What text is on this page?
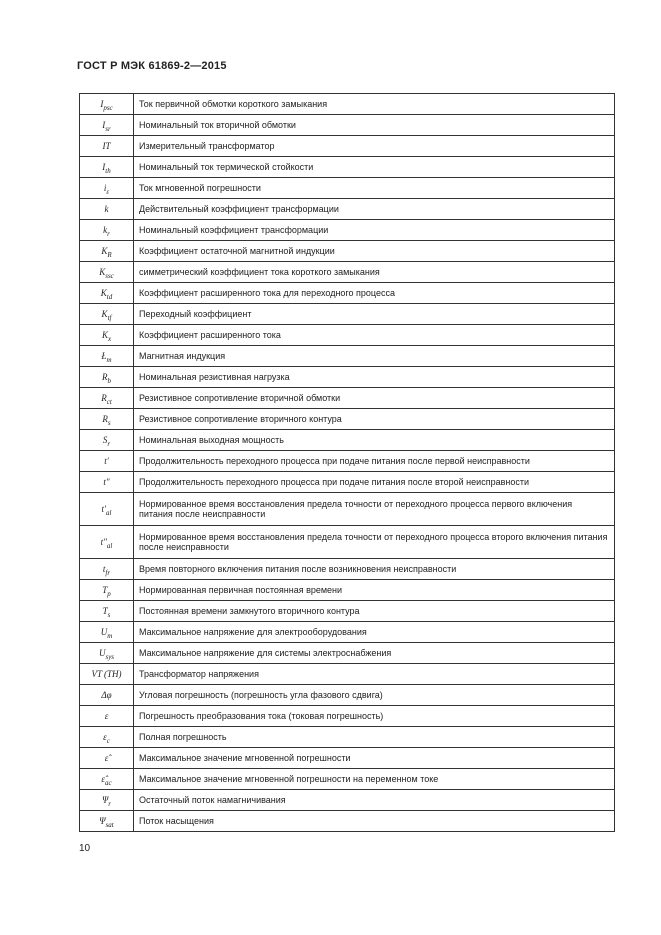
ГОСТ Р МЭК 61869-2—2015
$I_{psc}$	Ток первичной обмотки короткого замыкания
$I_{sr}$	Номинальный ток вторичной обмотки
IT	Измерительный трансформатор
$I_{th}$	Номинальный ток термической стойкости
$i_\varepsilon$	Ток мгновенной погрешности
k	Действительный коэффициент трансформации
$k_r$	Номинальный коэффициент трансформации
$K_R$	Коэффициент остаточной магнитной индукции
$K_{ssc}$	симметрический коэффициент тока короткого замыкания
$K_{td}$	Коэффициент расширенного тока для переходного процесса
$K_{tf}$	Переходный коэффициент
$K_x$	Коэффициент расширенного тока
$Ł_m$	Магнитная индукция
$R_b$	Номинальная резистивная нагрузка
$R_{ct}$	Резистивное сопротивление вторичной обмотки
$R_s$	Резистивное сопротивление вторичного контура
$S_r$	Номинальная выходная мощность
t′	Продолжительность переходного процесса при подаче питания после первой неисправности
t″	Продолжительность переходного процесса при подаче питания после второй неисправности
$t'_{al}$	Нормированное время восстановления предела точности от переходного процесса первого включения питания после неисправности
$t''_{al}$	Нормированное время восстановления предела точности от переходного процесса второго включения питания после неисправности
$t_{fr}$	Время повторного включения питания после возникновения неисправности
$T_p$	Нормированная первичная постоянная времени
$T_s$	Постоянная времени замкнутого вторичного контура
$U_m$	Максимальное напряжение для электрооборудования
$U_{sys}$	Максимальное напряжение для системы электроснабжения
VT (TH)	Трансформатор напряжения
Δφ	Угловая погрешность (погрешность угла фазового сдвига)
ε	Погрешность преобразования тока (токовая погрешность)
$\varepsilon_c$	Полная погрешность
ε̂	Максимальное значение мгновенной погрешности
$\varepsilon̂_{ac}$	Максимальное значение мгновенной погрешности на переменном токе
$\Psi_r$	Остаточный поток намагничивания
$\Psi_{sat}$	Поток насыщения
10
